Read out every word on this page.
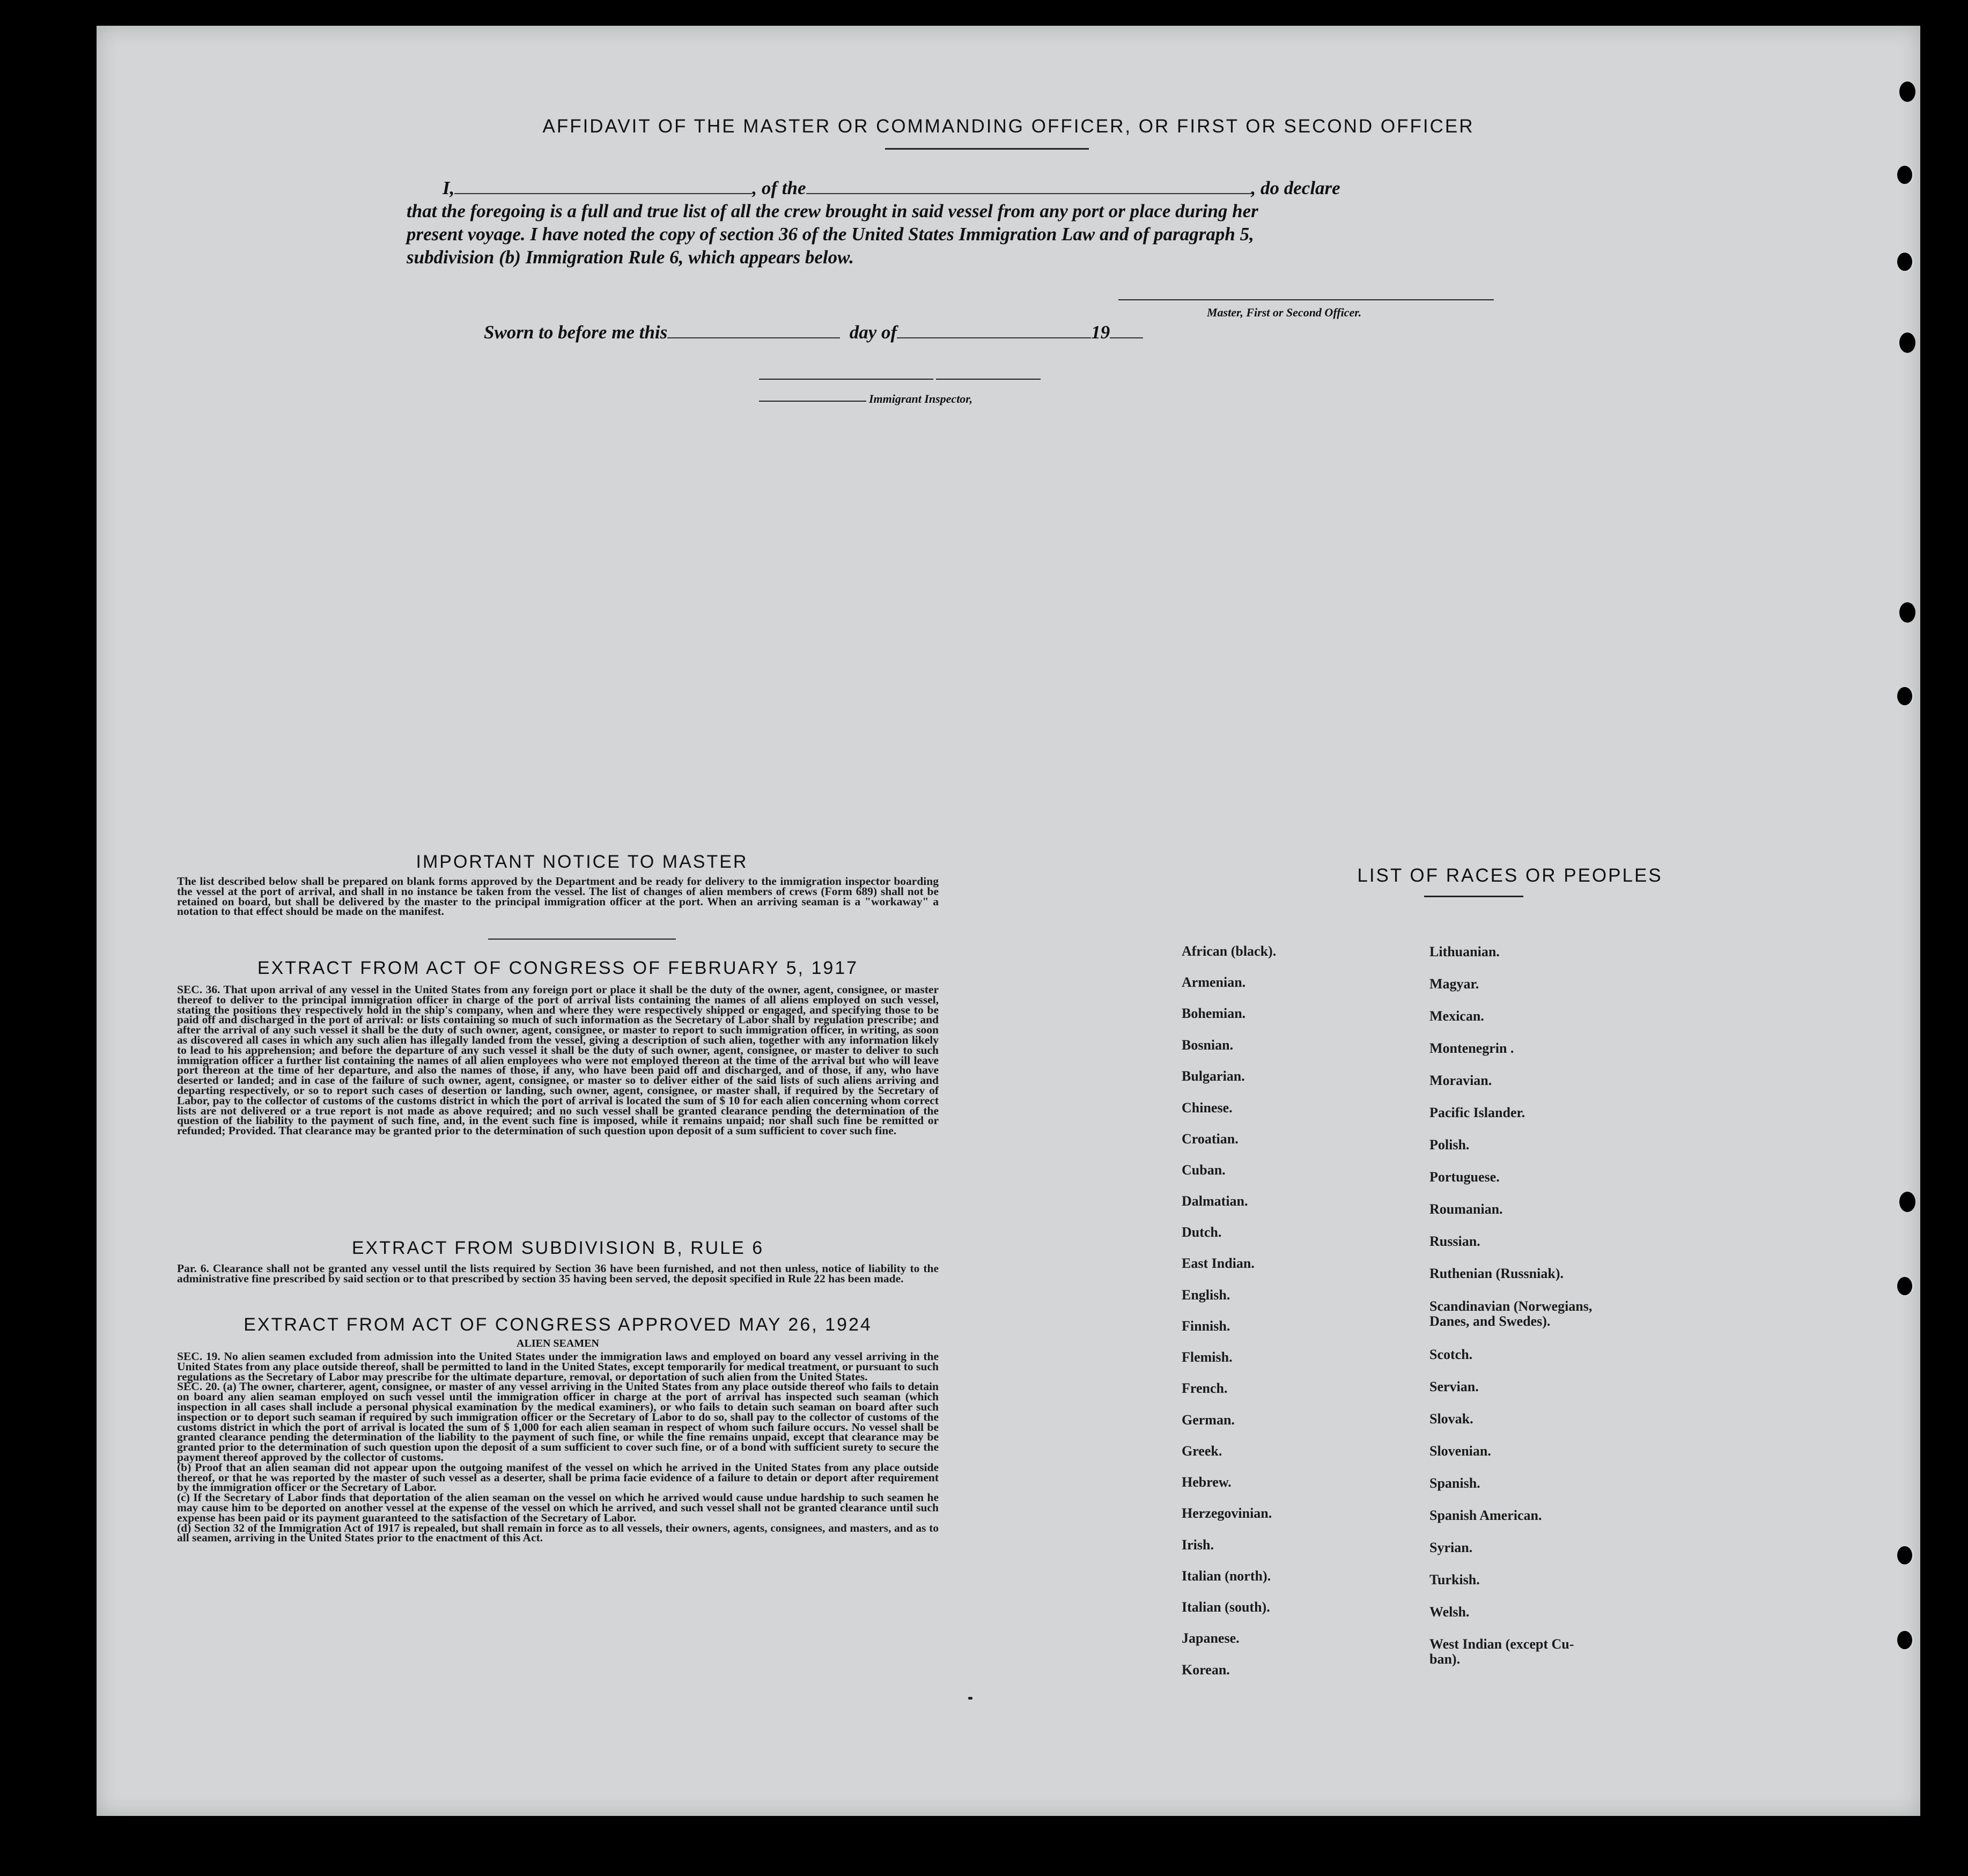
AFFIDAVIT OF THE MASTER OR COMMANDING OFFICER, OR FIRST OR SECOND OFFICER
I,	, of the	, do declare
that the foregoing is a full and true list of all the crew brought in said vessel from any port or place during her
present voyage. I have noted the copy of section 36 of the United States Immigration Law and of paragraph 5,
subdivision (b) Immigration Rule 6, which appears below.
Master, First or Second Officer.
Sworn to before me this	day of	19
Immigrant Inspector,
IMPORTANT NOTICE TO MASTER

The list described below shall be prepared on blank forms approved by the Department and be ready for delivery to the immigration inspector boarding the vessel at the port of arrival, and shall in no instance be taken from the vessel. The list of changes of alien members of crews (Form 689) shall not be retained on board, but shall be delivered by the master to the principal immigration officer at the port. When an arriving seaman is a "workaway" a notation to that effect should be made on the manifest.

EXTRACT FROM ACT OF CONGRESS OF FEBRUARY 5, 1917

SEC. 36. That upon arrival of any vessel in the United States from any foreign port or place it shall be the duty of the owner, agent, consignee, or master thereof to deliver to the principal immigration officer in charge of the port of arrival lists containing the names of all aliens employed on such vessel, stating the positions they respectively hold in the ship's company, when and where they were respectively shipped or engaged, and specifying those to be paid off and discharged in the port of arrival: or lists containing so much of such information as the Secretary of Labor shall by regulation prescribe; and after the arrival of any such vessel it shall be the duty of such owner, agent, consignee, or master to report to such immigration officer, in writing, as soon as discovered all cases in which any such alien has illegally landed from the vessel, giving a description of such alien, together with any information likely to lead to his apprehension; and before the departure of any such vessel it shall be the duty of such owner, agent, consignee, or master to deliver to such immigration officer a further list containing the names of all alien employees who were not employed thereon at the time of the arrival but who will leave port thereon at the time of her departure, and also the names of those, if any, who have been paid off and discharged, and of those, if any, who have deserted or landed; and in case of the failure of such owner, agent, consignee, or master so to deliver either of the said lists of such aliens arriving and departing respectively, or so to report such cases of desertion or landing, such owner, agent, consignee, or master shall, if required by the Secretary of Labor, pay to the collector of customs of the customs district in which the port of arrival is located the sum of $ 10 for each alien concerning whom correct lists are not delivered or a true report is not made as above required; and no such vessel shall be granted clearance pending the determination of the question of the liability to the payment of such fine, and, in the event such fine is imposed, while it remains unpaid; nor shall such fine be remitted or refunded; Provided. That clearance may be granted prior to the determination of such question upon deposit of a sum sufficient to cover such fine.

EXTRACT FROM SUBDIVISION B, RULE 6

Par. 6. Clearance shall not be granted any vessel until the lists required by Section 36 have been furnished, and not then unless, notice of liability to the administrative fine prescribed by said section or to that prescribed by section 35 having been served, the deposit specified in Rule 22 has been made.

EXTRACT FROM ACT OF CONGRESS APPROVED MAY 26, 1924
ALIEN SEAMEN

SEC. 19. No alien seamen excluded from admission into the United States under the immigration laws and employed on board any vessel arriving in the United States from any place outside thereof, shall be permitted to land in the United States, except temporarily for medical treatment, or pursuant to such regulations as the Secretary of Labor may prescribe for the ultimate departure, removal, or deportation of such alien from the United States.

SEC. 20. (a) The owner, charterer, agent, consignee, or master of any vessel arriving in the United States from any place outside thereof who fails to detain on board any alien seaman employed on such vessel until the immigration officer in charge at the port of arrival has inspected such seaman (which inspection in all cases shall include a personal physical examination by the medical examiners), or who fails to detain such seaman on board after such inspection or to deport such seaman if required by such immigration officer or the Secretary of Labor to do so, shall pay to the collector of customs of the customs district in which the port of arrival is located the sum of $ 1,000 for each alien seaman in respect of whom such failure occurs. No vessel shall be granted clearance pending the determination of the liability to the payment of such fine, or while the fine remains unpaid, except that clearance may be granted prior to the determination of such question upon the deposit of a sum sufficient to cover such fine, or of a bond with sufficient surety to secure the payment thereof approved by the collector of customs.

(b) Proof that an alien seaman did not appear upon the outgoing manifest of the vessel on which he arrived in the United States from any place outside thereof, or that he was reported by the master of such vessel as a deserter, shall be prima facie evidence of a failure to detain or deport after requirement by the immigration officer or the Secretary of Labor.

(c) If the Secretary of Labor finds that deportation of the alien seaman on the vessel on which he arrived would cause undue hardship to such seamen he may cause him to be deported on another vessel at the expense of the vessel on which he arrived, and such vessel shall not be granted clearance until such expense has been paid or its payment guaranteed to the satisfaction of the Secretary of Labor.

(d) Section 32 of the Immigration Act of 1917 is repealed, but shall remain in force as to all vessels, their owners, agents, consignees, and masters, and as to all seamen, arriving in the United States prior to the enactment of this Act.

LIST OF RACES OR PEOPLES
African (black).
Armenian.
Bohemian.
Bosnian.
Bulgarian.
Chinese.
Croatian.
Cuban.
Dalmatian.
Dutch.
East Indian.
English.
Finnish.
Flemish.
French.
German.
Greek.
Hebrew.
Herzegovinian.
Irish.
Italian (north).
Italian (south).
Japanese.
Korean.
Lithuanian.
Magyar.
Mexican.
Montenegrin .
Moravian.
Pacific Islander.
Polish.
Portuguese.
Roumanian.
Russian.
Ruthenian (Russniak).
Scandinavian (Norwegians,
Danes, and Swedes).
Scotch.
Servian.
Slovak.
Slovenian.
Spanish.
Spanish American.
Syrian.
Turkish.
Welsh.
West Indian (except Cu-
ban).
